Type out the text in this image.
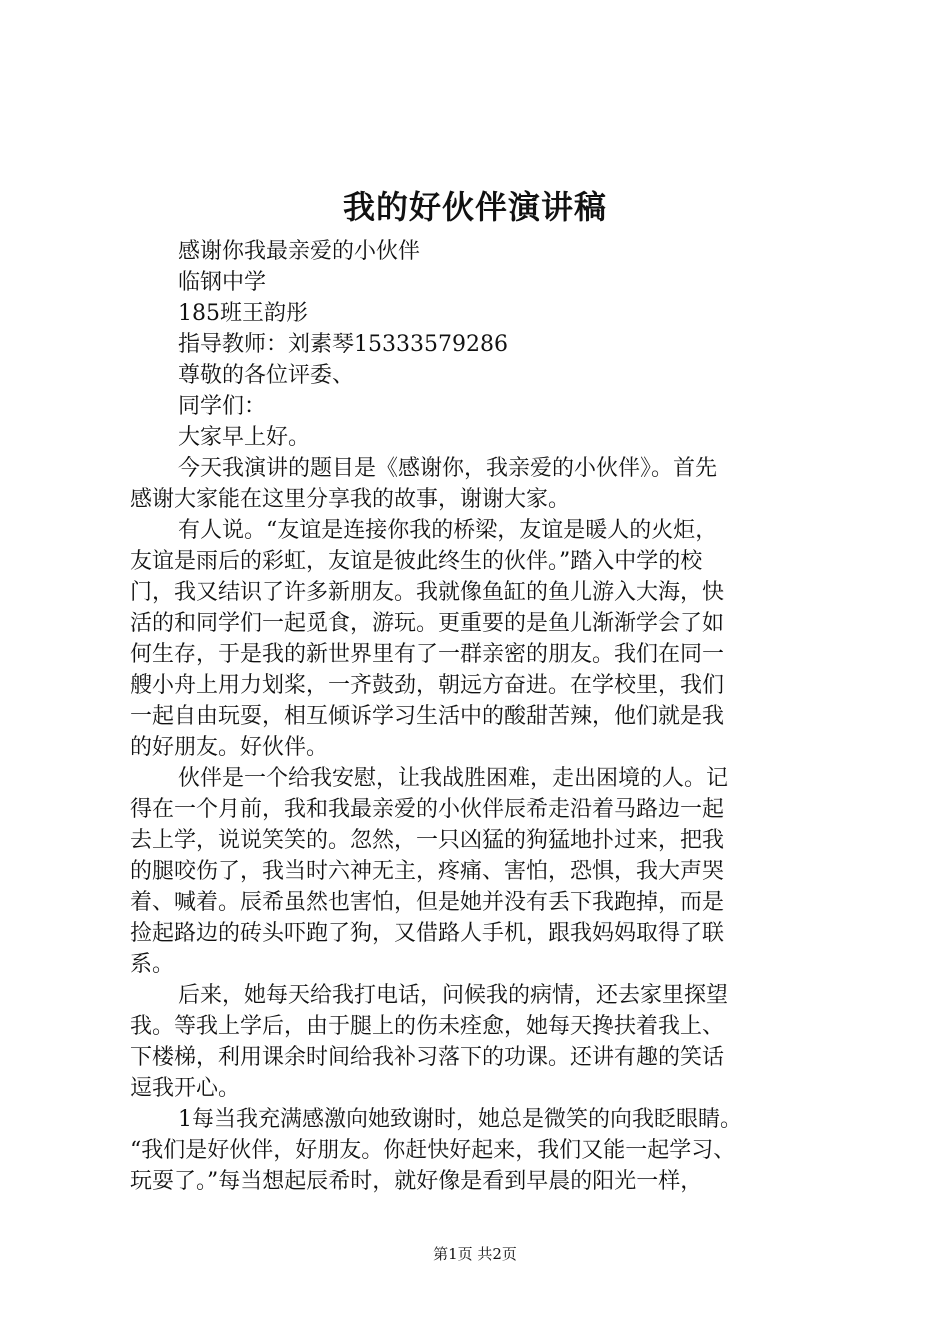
我的好伙伴演讲稿
感谢你我最亲爱的小伙伴
临钢中学
185班王韵彤
指导教师：刘素琴15333579286
尊敬的各位评委、
同学们：
大家早上好。
今天我演讲的题目是《感谢你，我亲爱的小伙伴》。首先
感谢大家能在这里分享我的故事，谢谢大家。
有人说。“友谊是连接你我的桥梁，友谊是暖人的火炬，
友谊是雨后的彩虹，友谊是彼此终生的伙伴。”踏入中学的校
门，我又结识了许多新朋友。我就像鱼缸的鱼儿游入大海，快
活的和同学们一起觅食，游玩。更重要的是鱼儿渐渐学会了如
何生存，于是我的新世界里有了一群亲密的朋友。我们在同一
艘小舟上用力划桨，一齐鼓劲，朝远方奋进。在学校里，我们
一起自由玩耍，相互倾诉学习生活中的酸甜苦辣，他们就是我
的好朋友。好伙伴。
伙伴是一个给我安慰，让我战胜困难，走出困境的人。记
得在一个月前，我和我最亲爱的小伙伴辰希走沿着马路边一起
去上学，说说笑笑的。忽然，一只凶猛的狗猛地扑过来，把我
的腿咬伤了，我当时六神无主，疼痛、害怕，恐惧，我大声哭
着、喊着。辰希虽然也害怕，但是她并没有丢下我跑掉，而是
捡起路边的砖头吓跑了狗，又借路人手机，跟我妈妈取得了联
系。
后来，她每天给我打电话，问候我的病情，还去家里探望
我。等我上学后，由于腿上的伤未痊愈，她每天搀扶着我上、
下楼梯，利用课余时间给我补习落下的功课。还讲有趣的笑话
逗我开心。
1每当我充满感激向她致谢时，她总是微笑的向我眨眼睛。
“我们是好伙伴，好朋友。你赶快好起来，我们又能一起学习、
玩耍了。”每当想起辰希时，就好像是看到早晨的阳光一样，
第1页 共2页
